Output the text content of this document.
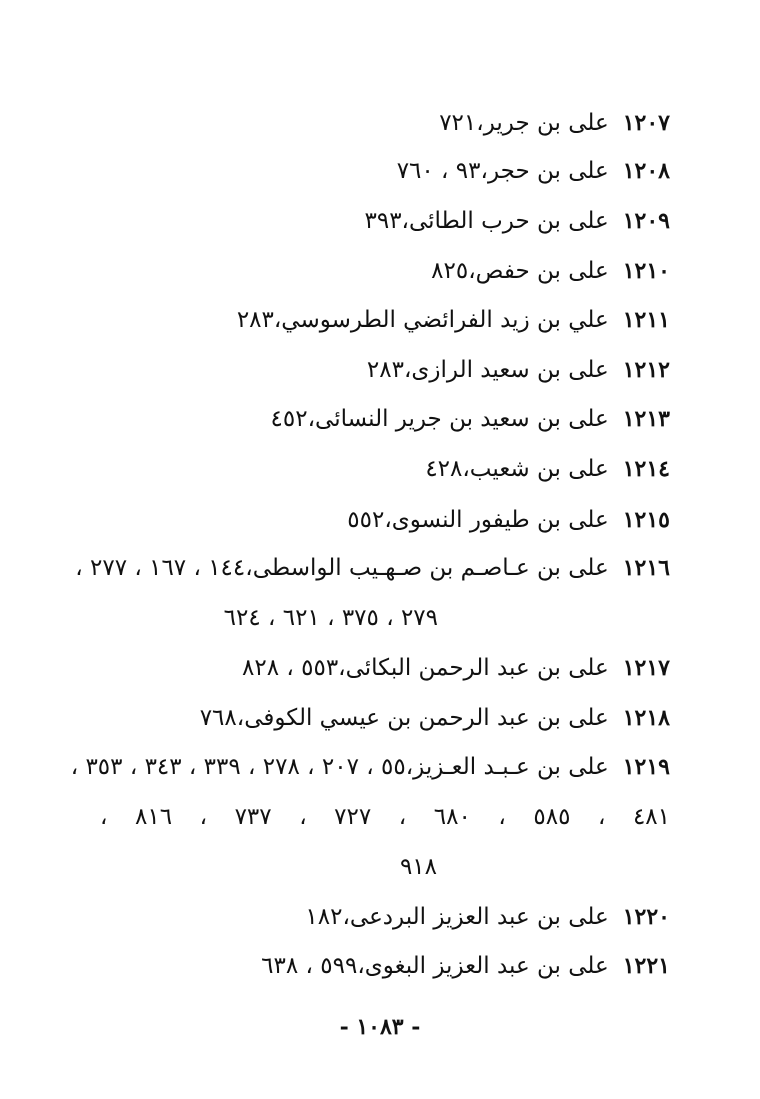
١٢٠٧على بن جرير،٧٢١
١٢٠٨على بن حجر،٩٣ ، ٧٦٠
١٢٠٩على بن حرب الطائى،٣٩٣
١٢١٠على بن حفص،٨٢٥
١٢١١علي بن زيد الفرائضي الطرسوسي،٢٨٣
١٢١٢على بن سعيد الرازى،٢٨٣
١٢١٣على بن سعيد بن جرير النسائى،٤٥٢
١٢١٤على بن شعيب،٤٢٨
١٢١٥على بن طيفور النسوى،٥٥٢
١٢١٦على بن عـاصـم بن صـهـيب الواسطى،١٤٤ ، ١٦٧ ، ٢٧٧ ،
٢٧٩ ، ٣٧٥ ، ٦٢١ ، ٦٢٤
١٢١٧على بن عبد الرحمن البكائى،٥٥٣ ، ٨٢٨
١٢١٨على بن عبد الرحمن بن عيسي الكوفى،٧٦٨
١٢١٩على بن عـبـد العـزيز،٥٥ ، ٢٠٧ ، ٢٧٨ ، ٣٣٩ ، ٣٤٣ ، ٣٥٣ ،
٤٨١ ، ٥٨٥ ، ٦٨٠ ، ٧٢٧ ، ٧٣٧ ، ٨١٦ ،
٩١٨
١٢٢٠على بن عبد العزيز البردعى،١٨٢
١٢٢١على بن عبد العزيز البغوى،٥٩٩ ، ٦٣٨
- ١٠٨٣ -
